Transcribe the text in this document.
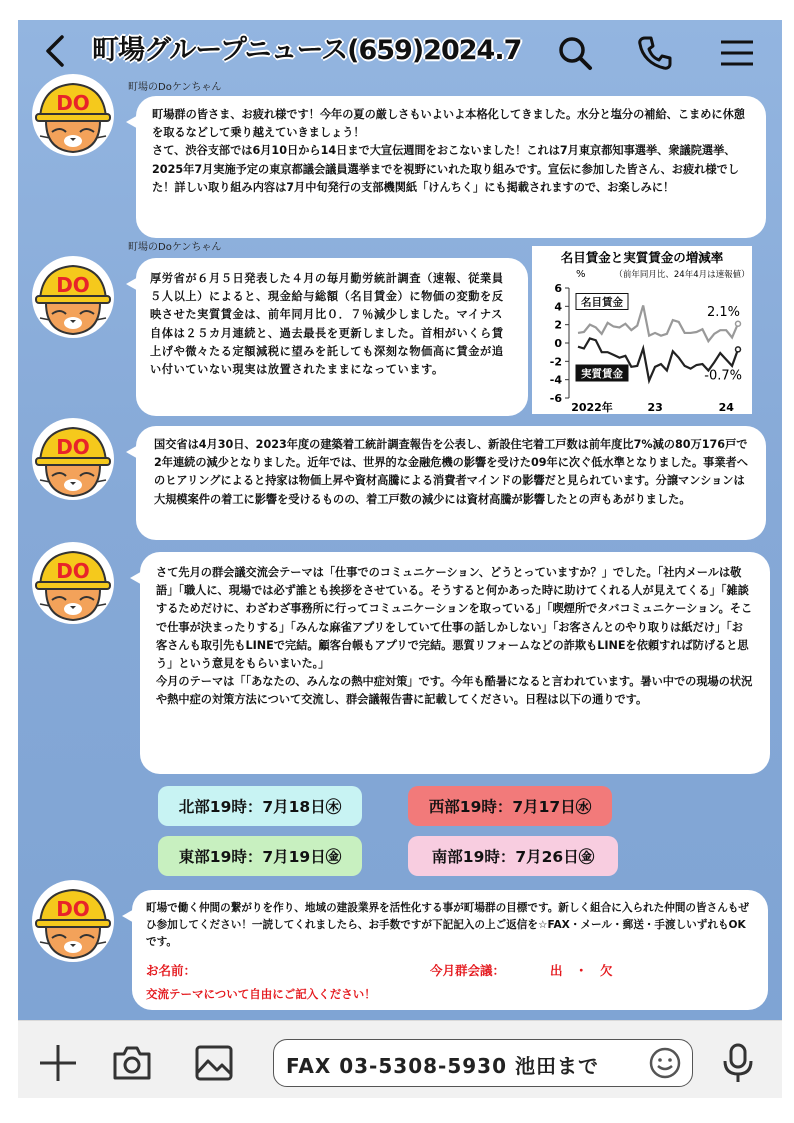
町場グループニュース(659)2024.7
町場のDoケンちゃん
DO	町場群の皆さま、お疲れ様です！今年の夏の厳しさもいよいよ本格化してきました。水分と塩分の補給、こまめに休憩を取るなどして乗り越えていきましょう！

さて、渋谷支部では6月10日から14日まで大宣伝週間をおこないました！これは7月東京都知事選挙、衆議院選挙、2025年7月実施予定の東京都議会議員選挙までを視野にいれた取り組みです。宣伝に参加した皆さん、お疲れ様でした！詳しい取り組み内容は7月中旬発行の支部機関紙「けんちく」にも掲載されますので、お楽しみに！

町場のDoケンちゃん
DO	厚労省が６月５日発表した４月の毎月勤労統計調査（速報、従業員５人以上）によると、現金給与総額（名目賃金）に物価の変動を反映させた実質賃金は、前年同月比０．７％減少しました。マイナス自体は２５カ月連続と、過去最長を更新しました。首相がいくら賃上げや微々たる定額減税に望みを託しても深刻な物価高に賃金が追い付いていない現実は放置されたままになっています。

名目賃金と実質賃金の増減率
（前年同月比、24年4月は速報値）
%
6
4
2
0
-2
-4
-6
2022年	23	24
名目賃金
実質賃金
2.1%
-0.7%
DO	国交省は4月30日、2023年度の建築着工統計調査報告を公表し、新設住宅着工戸数は前年度比7%減の80万176戸で2年連続の減少となりました。近年では、世界的な金融危機の影響を受けた09年に次ぐ低水準となりました。事業者へのヒアリングによると持家は物価上昇や資材高騰による消費者マインドの影響だと見られています。分譲マンションは大規模案件の着工に影響を受けるものの、着工戸数の減少には資材高騰が影響したとの声もあがりました。

DO	さて先月の群会議交流会テーマは「仕事でのコミュニケーション、どうとっていますか？」でした。「社内メールは敬語」「職人に、現場では必ず誰とも挨拶をさせている。そうすると何かあった時に助けてくれる人が見えてくる」「雑談するためだけに、わざわざ事務所に行ってコミュニケーションを取っている」「喫煙所でタバコミュニケーション。そこで仕事が決まったりする」「みんな麻雀アプリをしていて仕事の話しかしない」「お客さんとのやり取りは紙だけ」「お客さんも取引先もLINEで完結。顧客台帳もアプリで完結。悪質リフォームなどの詐欺もLINEを依頼すれば防げると思う」という意見をもらいまいた。」

今月のテーマは「「あなたの、みんなの熱中症対策」です。今年も酷暑になると言われています。暑い中での現場の状況や熱中症の対策方法について交流し、群会議報告書に記載してください。日程は以下の通りです。

北部19時：7月18日㊍	西部19時：7月17日㊌
東部19時：7月19日㊎	南部19時：7月26日㊎
DO	町場で働く仲間の繋がりを作り、地域の建設業界を活性化する事が町場群の目標です。新しく組合に入られた仲間の皆さんもぜひ参加してください！一読してくれましたら、お手数ですが下記記入の上ご返信を☆FAX・メール・郵送・手渡しいずれもOKです。

お名前：	今月群会議：	出　・　欠
交流テーマについて自由にご記入ください！
FAX 03-5308-5930 池田まで
